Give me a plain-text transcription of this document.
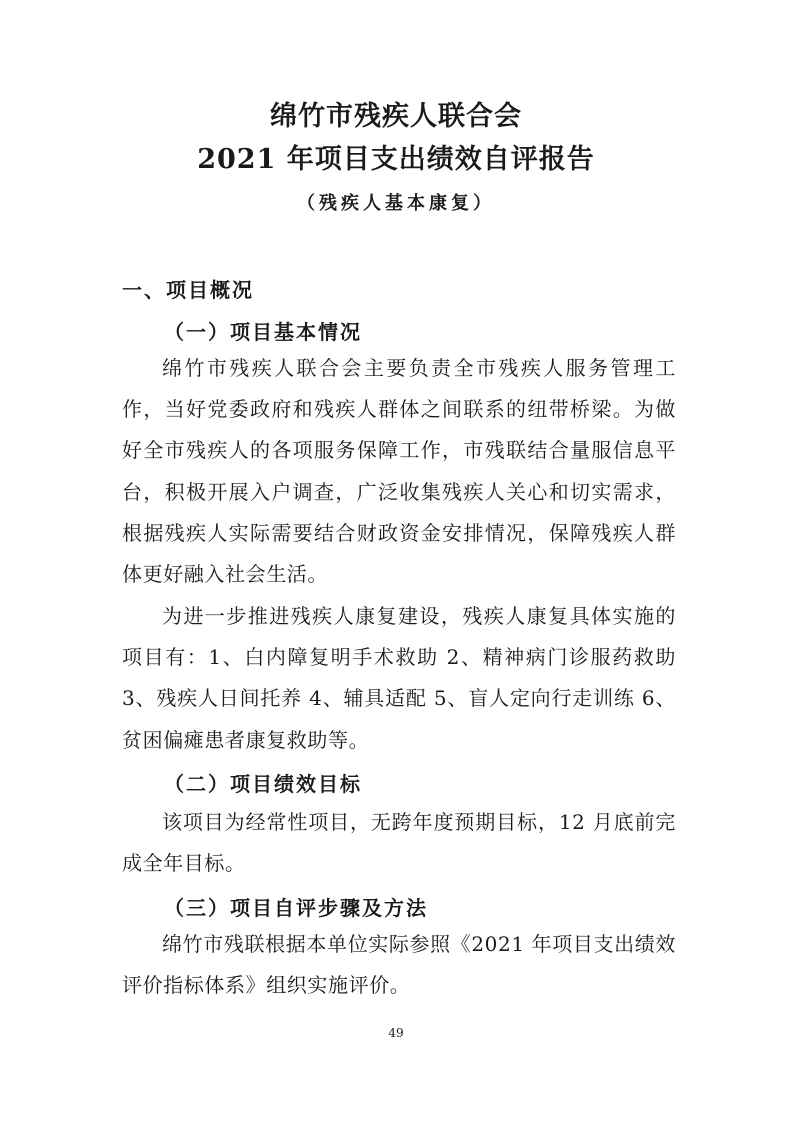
绵竹市残疾人联合会
2021 年项目支出绩效自评报告
（残疾人基本康复）
一、项目概况
（一）项目基本情况

绵竹市残疾人联合会主要负责全市残疾人服务管理工作，当好党委政府和残疾人群体之间联系的纽带桥梁。为做好全市残疾人的各项服务保障工作，市残联结合量服信息平台，积极开展入户调查，广泛收集残疾人关心和切实需求，根据残疾人实际需要结合财政资金安排情况，保障残疾人群体更好融入社会生活。

为进一步推进残疾人康复建设，残疾人康复具体实施的项目有：1、白内障复明手术救助 2、精神病门诊服药救助 3、残疾人日间托养 4、辅具适配 5、盲人定向行走训练 6、贫困偏瘫患者康复救助等。

（二）项目绩效目标

该项目为经常性项目，无跨年度预期目标，12 月底前完成全年目标。

（三）项目自评步骤及方法

绵竹市残联根据本单位实际参照《2021 年项目支出绩效评价指标体系》组织实施评价。

49
